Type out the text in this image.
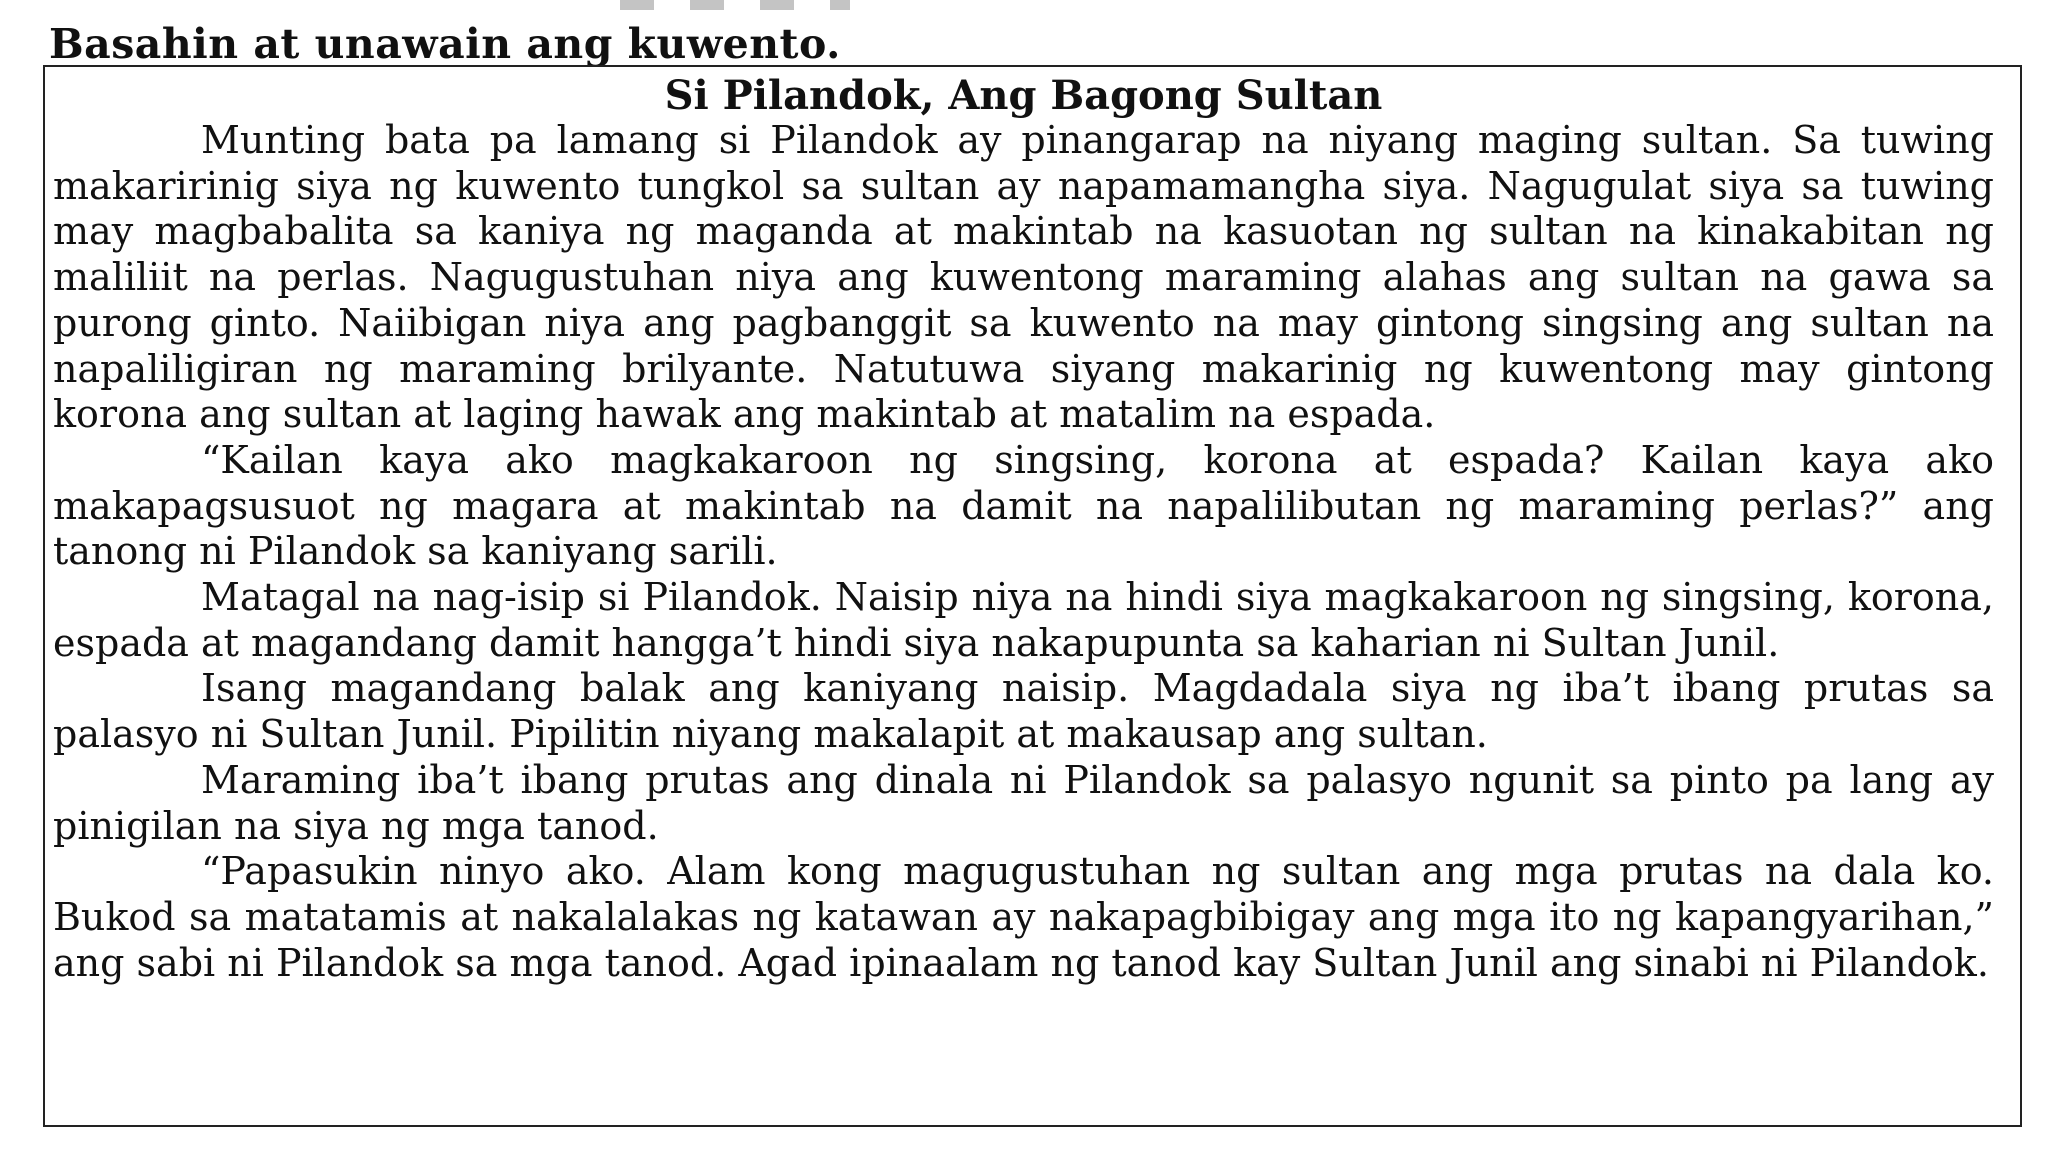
Basahin at unawain ang kuwento.
Si Pilandok, Ang Bagong Sultan

Munting bata pa lamang si Pilandok ay pinangarap na niyang maging sultan. Sa tuwing makaririnig siya ng kuwento tungkol sa sultan ay napamamangha siya. Nagugulat siya sa tuwing may magbabalita sa kaniya ng maganda at makintab na kasuotan ng sultan na kinakabitan ng maliliit na perlas. Nagugustuhan niya ang kuwentong maraming alahas ang sultan na gawa sa purong ginto. Naiibigan niya ang pagbanggit sa kuwento na may gintong singsing ang sultan na napaliligiran ng maraming brilyante. Natutuwa siyang makarinig ng kuwentong may gintong korona ang sultan at laging hawak ang makintab at matalim na espada.

“Kailan kaya ako magkakaroon ng singsing, korona at espada? Kailan kaya ako makapagsusuot ng magara at makintab na damit na napalilibutan ng maraming perlas?” ang tanong ni Pilandok sa kaniyang sarili.

Matagal na nag-isip si Pilandok. Naisip niya na hindi siya magkakaroon ng singsing, korona, espada at magandang damit hangga’t hindi siya nakapupunta sa kaharian ni Sultan Junil.

Isang magandang balak ang kaniyang naisip. Magdadala siya ng iba’t ibang prutas sa palasyo ni Sultan Junil. Pipilitin niyang makalapit at makausap ang sultan.

Maraming iba’t ibang prutas ang dinala ni Pilandok sa palasyo ngunit sa pinto pa lang ay pinigilan na siya ng mga tanod.

“Papasukin ninyo ako. Alam kong magugustuhan ng sultan ang mga prutas na dala ko. Bukod sa matatamis at nakalalakas ng katawan ay nakapagbibigay ang mga ito ng kapangyarihan,” ang sabi ni Pilandok sa mga tanod. Agad ipinaalam ng tanod kay Sultan Junil ang sinabi ni Pilandok.
